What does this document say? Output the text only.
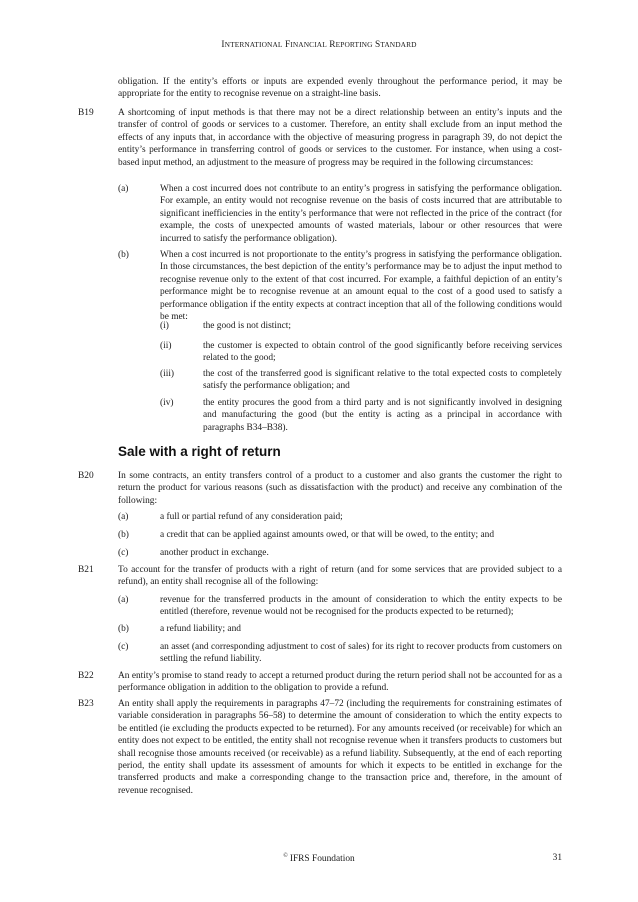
INTERNATIONAL FINANCIAL REPORTING STANDARD

obligation. If the entity’s efforts or inputs are expended evenly throughout the performance period, it may be appropriate for the entity to recognise revenue on a straight-line basis.

B19	A shortcoming of input methods is that there may not be a direct relationship between an entity’s inputs and the transfer of control of goods or services to a customer. Therefore, an entity shall exclude from an input method the effects of any inputs that, in accordance with the objective of measuring progress in paragraph 39, do not depict the entity’s performance in transferring control of goods or services to the customer. For instance, when using a cost-based input method, an adjustment to the measure of progress may be required in the following circumstances:

(a)	When a cost incurred does not contribute to an entity’s progress in satisfying the performance obligation. For example, an entity would not recognise revenue on the basis of costs incurred that are attributable to significant inefficiencies in the entity’s performance that were not reflected in the price of the contract (for example, the costs of unexpected amounts of wasted materials, labour or other resources that were incurred to satisfy the performance obligation).

(b)	When a cost incurred is not proportionate to the entity’s progress in satisfying the performance obligation. In those circumstances, the best depiction of the entity’s performance may be to adjust the input method to recognise revenue only to the extent of that cost incurred. For example, a faithful depiction of an entity’s performance might be to recognise revenue at an amount equal to the cost of a good used to satisfy a performance obligation if the entity expects at contract inception that all of the following conditions would be met:

(i)	the good is not distinct;

(ii)	the customer is expected to obtain control of the good significantly before receiving services related to the good;

(iii)	the cost of the transferred good is significant relative to the total expected costs to completely satisfy the performance obligation; and

(iv)	the entity procures the good from a third party and is not significantly involved in designing and manufacturing the good (but the entity is acting as a principal in accordance with paragraphs B34–B38).

Sale with a right of return
B20	In some contracts, an entity transfers control of a product to a customer and also grants the customer the right to return the product for various reasons (such as dissatisfaction with the product) and receive any combination of the following:

(a)	a full or partial refund of any consideration paid;

(b)	a credit that can be applied against amounts owed, or that will be owed, to the entity; and

(c)	another product in exchange.

B21	To account for the transfer of products with a right of return (and for some services that are provided subject to a refund), an entity shall recognise all of the following:

(a)	revenue for the transferred products in the amount of consideration to which the entity expects to be entitled (therefore, revenue would not be recognised for the products expected to be returned);

(b)	a refund liability; and

(c)	an asset (and corresponding adjustment to cost of sales) for its right to recover products from customers on settling the refund liability.

B22	An entity’s promise to stand ready to accept a returned product during the return period shall not be accounted for as a performance obligation in addition to the obligation to provide a refund.

B23	An entity shall apply the requirements in paragraphs 47–72 (including the requirements for constraining estimates of variable consideration in paragraphs 56–58) to determine the amount of consideration to which the entity expects to be entitled (ie excluding the products expected to be returned). For any amounts received (or receivable) for which an entity does not expect to be entitled, the entity shall not recognise revenue when it transfers products to customers but shall recognise those amounts received (or receivable) as a refund liability. Subsequently, at the end of each reporting period, the entity shall update its assessment of amounts for which it expects to be entitled in exchange for the transferred products and make a corresponding change to the transaction price and, therefore, in the amount of revenue recognised.

© IFRS Foundation	31
